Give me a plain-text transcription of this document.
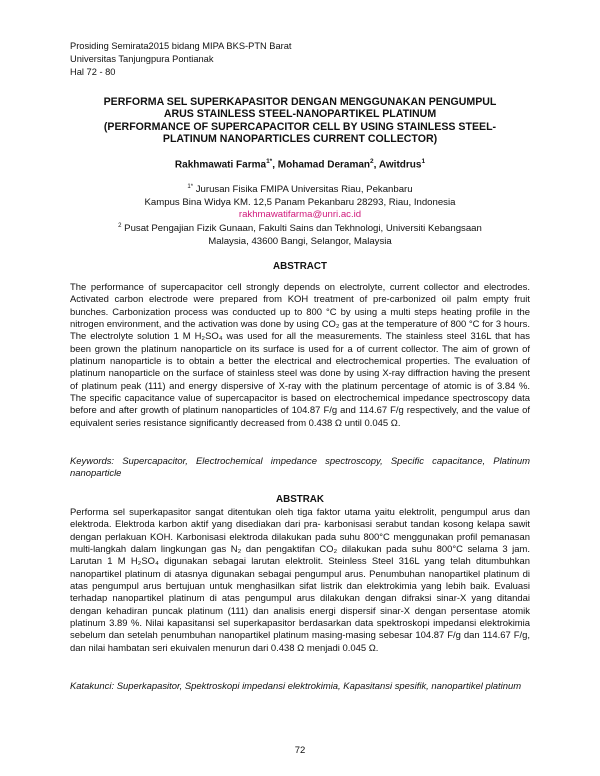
Prosiding Semirata2015 bidang MIPA BKS-PTN Barat
Universitas Tanjungpura Pontianak
Hal 72 - 80
PERFORMA SEL SUPERKAPASITOR DENGAN MENGGUNAKAN PENGUMPUL
ARUS STAINLESS STEEL-NANOPARTIKEL PLATINUM
(PERFORMANCE OF SUPERCAPACITOR CELL BY USING STAINLESS STEEL-
PLATINUM NANOPARTICLES CURRENT COLLECTOR)
Rakhmawati Farma$^{1*}$, Mohamad Deraman$^2$, Awitdrus$^1$
$^{1*}$ Jurusan Fisika FMIPA Universitas Riau, Pekanbaru
Kampus Bina Widya KM. 12,5 Panam Pekanbaru 28293, Riau, Indonesia
rakhmawatifarma@unri.ac.id
$^2$ Pusat Pengajian Fizik Gunaan, Fakulti Sains dan Tekhnologi, Universiti Kebangsaan
Malaysia, 43600 Bangi, Selangor, Malaysia
ABSTRACT
The performance of supercapacitor cell strongly depends on electrolyte, current collector and electrodes. Activated carbon electrode were prepared from KOH treatment of pre-carbonized oil palm empty fruit bunches. Carbonization process was conducted up to 800 °C by using a multi steps heating profile in the nitrogen environment, and the activation was done by using CO₂ gas at the temperature of 800 °C for 3 hours. The electrolyte solution 1 M H₂SO₄ was used for all the measurements. The stainless steel 316L that has been grown the platinum nanoparticle on its surface is used for a of current collector. The aim of grown of platinum nanoparticle is to obtain a better the electrical and electrochemical properties. The evaluation of platinum nanoparticle on the surface of stainless steel was done by using X-ray diffraction having the present of platinum peak (111) and energy dispersive of X-ray with the platinum percentage of atomic is of 3.84 %. The specific capacitance value of supercapacitor is based on electrochemical impedance spectroscopy data before and after growth of platinum nanoparticles of 104.87 F/g and 114.67 F/g respectively, and the value of equivalent series resistance significantly decreased from 0.438 Ω until 0.045 Ω.
Keywords: Supercapacitor, Electrochemical impedance spectroscopy, Specific capacitance, Platinum nanoparticle
ABSTRAK
Performa sel superkapasitor sangat ditentukan oleh tiga faktor utama yaitu elektrolit, pengumpul arus dan elektroda. Elektroda karbon aktif yang disediakan dari pra- karbonisasi serabut tandan kosong kelapa sawit dengan perlakuan KOH. Karbonisasi elektroda dilakukan pada suhu 800°C menggunakan profil pemanasan multi-langkah dalam lingkungan gas N₂ dan pengaktifan CO₂ dilakukan pada suhu 800°C selama 3 jam. Larutan 1 M H₂SO₄ digunakan sebagai larutan elektrolit. Steinless Steel 316L yang telah ditumbuhkan nanopartikel platinum di atasnya digunakan sebagai pengumpul arus. Penumbuhan nanopartikel platinum di atas pengumpul arus bertujuan untuk menghasilkan sifat listrik dan elektrokimia yang lebih baik. Evaluasi terhadap nanopartikel platinum di atas pengumpul arus dilakukan dengan difraksi sinar-X yang ditandai dengan kehadiran puncak platinum (111) dan analisis energi dispersif sinar-X dengan persentase atomik platinum 3.89 %. Nilai kapasitansi sel superkapasitor berdasarkan data spektroskopi impedansi elektrokimia sebelum dan setelah penumbuhan nanopartikel platinum masing-masing sebesar 104.87 F/g dan 114.67 F/g, dan nilai hambatan seri ekuivalen menurun dari 0.438 Ω menjadi 0.045 Ω.
Katakunci: Superkapasitor, Spektroskopi impedansi elektrokimia, Kapasitansi spesifik, nanopartikel platinum
72
